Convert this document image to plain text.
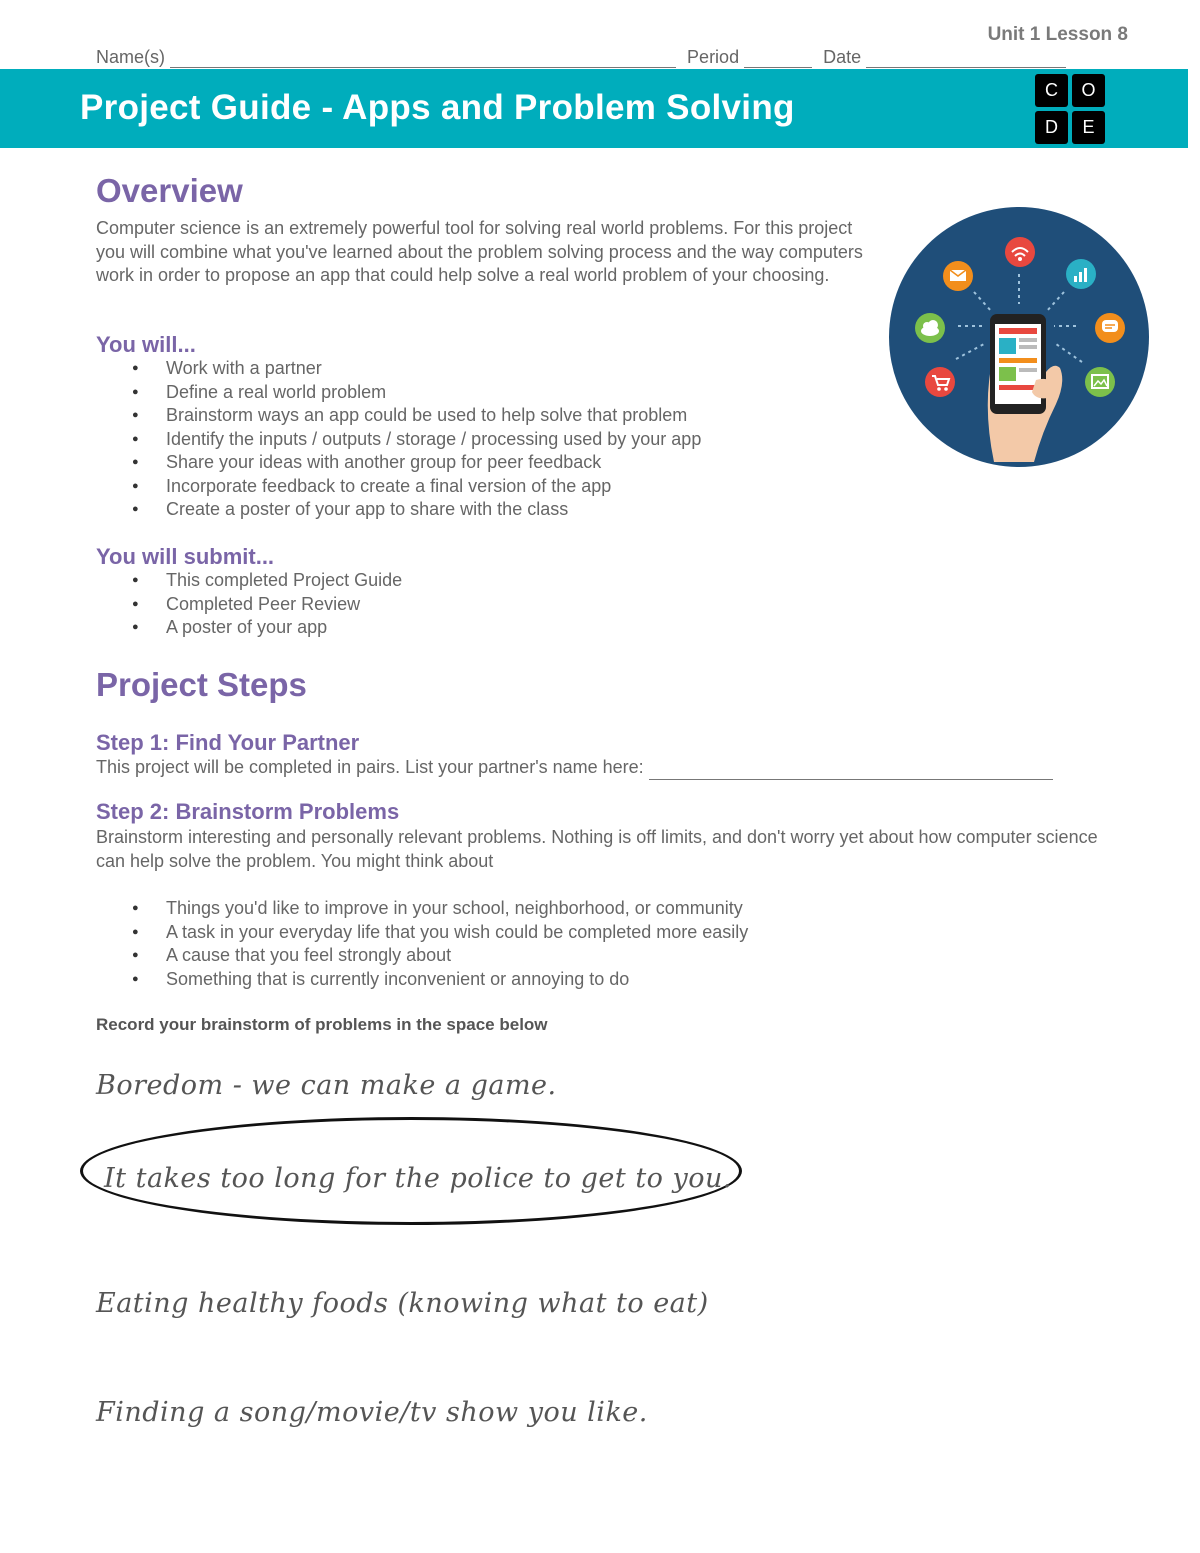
Unit 1 Lesson 8
Name(s)	Period	Date
Project Guide - Apps and Problem Solving	C	O
D	E
Overview

Computer science is an extremely powerful tool for solving real world problems. For this project you will combine what you've learned about the problem solving process and the way computers work in order to propose an app that could help solve a real world problem of your choosing.

You will...
● Work with a partner
● Define a real world problem
● Brainstorm ways an app could be used to help solve that problem
● Identify the inputs / outputs / storage / processing used by your app
● Share your ideas with another group for peer feedback
● Incorporate feedback to create a final version of the app
● Create a poster of your app to share with the class
You will submit...
● This completed Project Guide
● Completed Peer Review
● A poster of your app
Project Steps
Step 1: Find Your Partner
This project will be completed in pairs. List your partner's name here:
Step 2: Brainstorm Problems

Brainstorm interesting and personally relevant problems. Nothing is off limits, and don't worry yet about how computer science can help solve the problem. You might think about

● Things you'd like to improve in your school, neighborhood, or community
● A task in your everyday life that you wish could be completed more easily
● A cause that you feel strongly about
● Something that is currently inconvenient or annoying to do
Record your brainstorm of problems in the space below
Boredom - we can make a game.
It takes too long for the police to get to you.
Eating healthy foods (knowing what to eat)
Finding a song/movie/tv show you like.
